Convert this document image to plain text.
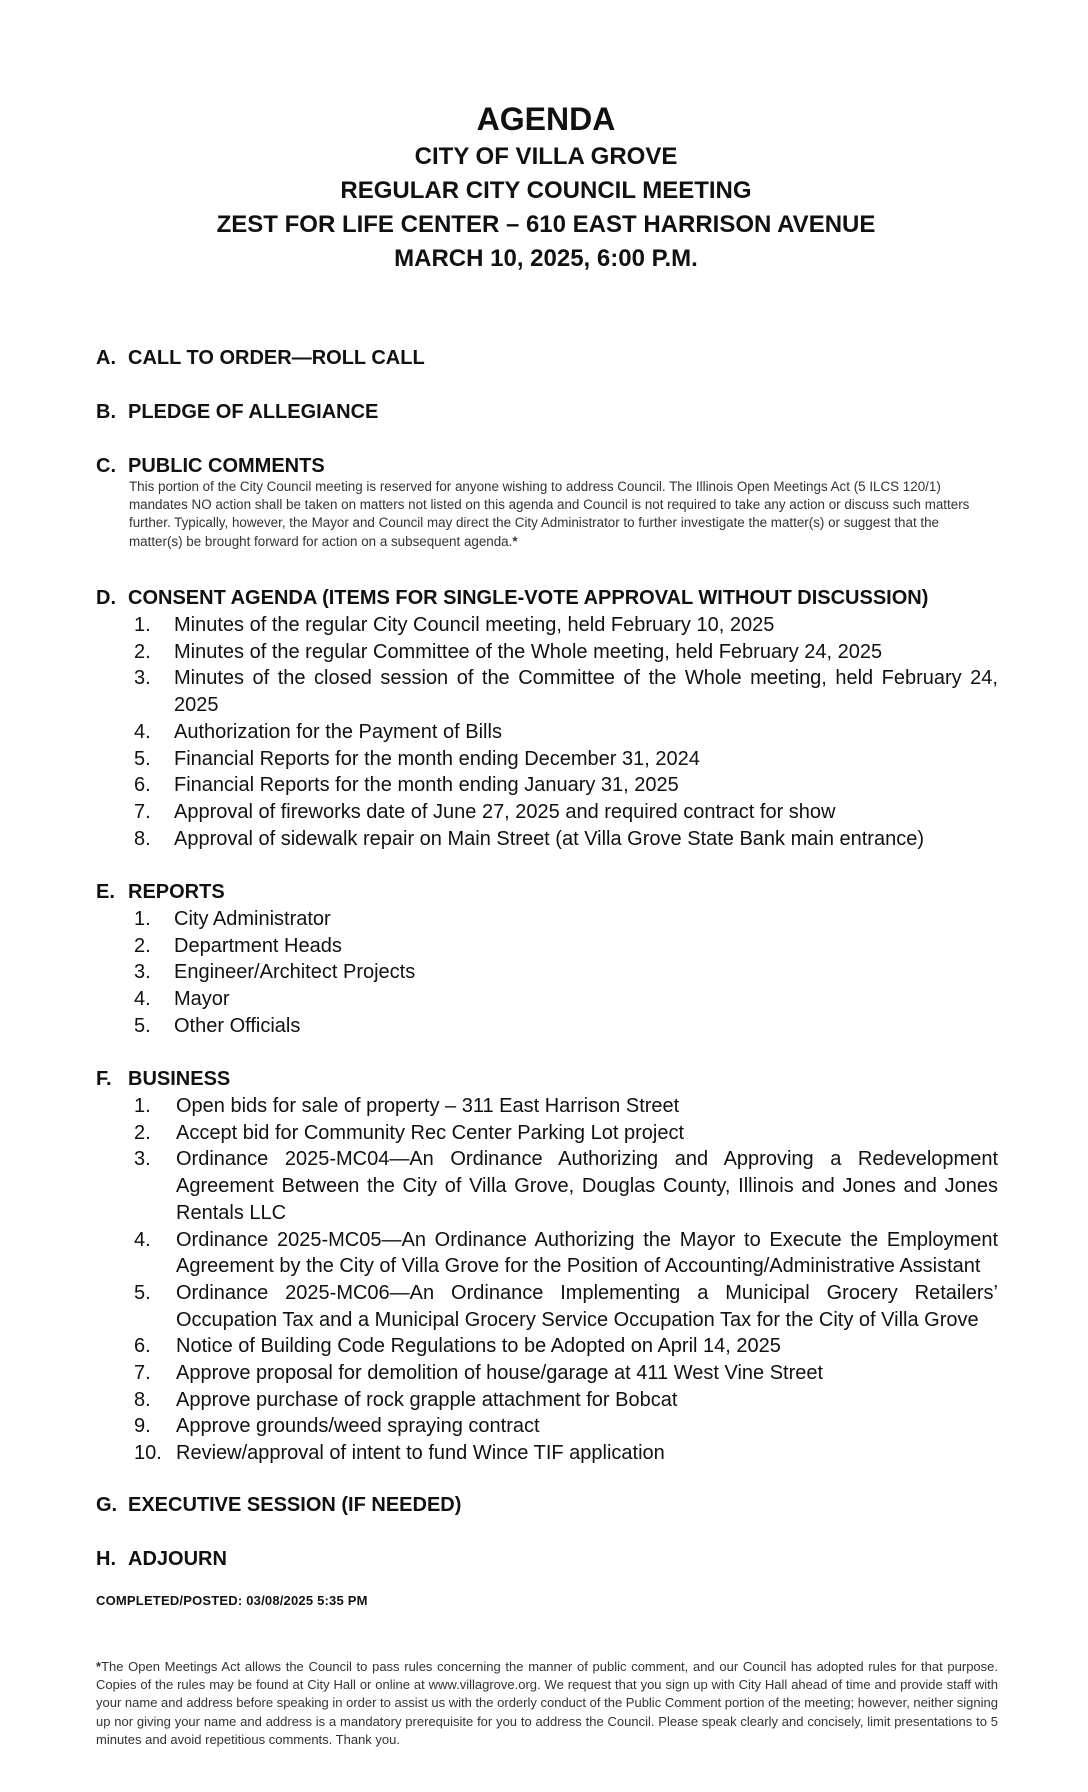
AGENDA
CITY OF VILLA GROVE
REGULAR CITY COUNCIL MEETING
ZEST FOR LIFE CENTER – 610 EAST HARRISON AVENUE
MARCH 10, 2025, 6:00 P.M.
A. CALL TO ORDER—ROLL CALL
B. PLEDGE OF ALLEGIANCE
C. PUBLIC COMMENTS
This portion of the City Council meeting is reserved for anyone wishing to address Council. The Illinois Open Meetings Act (5 ILCS 120/1) mandates NO action shall be taken on matters not listed on this agenda and Council is not required to take any action or discuss such matters further. Typically, however, the Mayor and Council may direct the City Administrator to further investigate the matter(s) or suggest that the matter(s) be brought forward for action on a subsequent agenda.*
D. CONSENT AGENDA (ITEMS FOR SINGLE-VOTE APPROVAL WITHOUT DISCUSSION)
1. Minutes of the regular City Council meeting, held February 10, 2025
2. Minutes of the regular Committee of the Whole meeting, held February 24, 2025
3. Minutes of the closed session of the Committee of the Whole meeting, held February 24, 2025
4. Authorization for the Payment of Bills
5. Financial Reports for the month ending December 31, 2024
6. Financial Reports for the month ending January 31, 2025
7. Approval of fireworks date of June 27, 2025 and required contract for show
8. Approval of sidewalk repair on Main Street (at Villa Grove State Bank main entrance)
E. REPORTS
1. City Administrator
2. Department Heads
3. Engineer/Architect Projects
4. Mayor
5. Other Officials
F. BUSINESS
1. Open bids for sale of property – 311 East Harrison Street
2. Accept bid for Community Rec Center Parking Lot project
3. Ordinance 2025-MC04—An Ordinance Authorizing and Approving a Redevelopment Agreement Between the City of Villa Grove, Douglas County, Illinois and Jones and Jones Rentals LLC
4. Ordinance 2025-MC05—An Ordinance Authorizing the Mayor to Execute the Employment Agreement by the City of Villa Grove for the Position of Accounting/Administrative Assistant
5. Ordinance 2025-MC06—An Ordinance Implementing a Municipal Grocery Retailers’ Occupation Tax and a Municipal Grocery Service Occupation Tax for the City of Villa Grove
6. Notice of Building Code Regulations to be Adopted on April 14, 2025
7. Approve proposal for demolition of house/garage at 411 West Vine Street
8. Approve purchase of rock grapple attachment for Bobcat
9. Approve grounds/weed spraying contract
10. Review/approval of intent to fund Wince TIF application
G. EXECUTIVE SESSION (IF NEEDED)
H. ADJOURN
COMPLETED/POSTED: 03/08/2025 5:35 PM
*The Open Meetings Act allows the Council to pass rules concerning the manner of public comment, and our Council has adopted rules for that purpose. Copies of the rules may be found at City Hall or online at www.villagrove.org. We request that you sign up with City Hall ahead of time and provide staff with your name and address before speaking in order to assist us with the orderly conduct of the Public Comment portion of the meeting; however, neither signing up nor giving your name and address is a mandatory prerequisite for you to address the Council. Please speak clearly and concisely, limit presentations to 5 minutes and avoid repetitious comments. Thank you.
